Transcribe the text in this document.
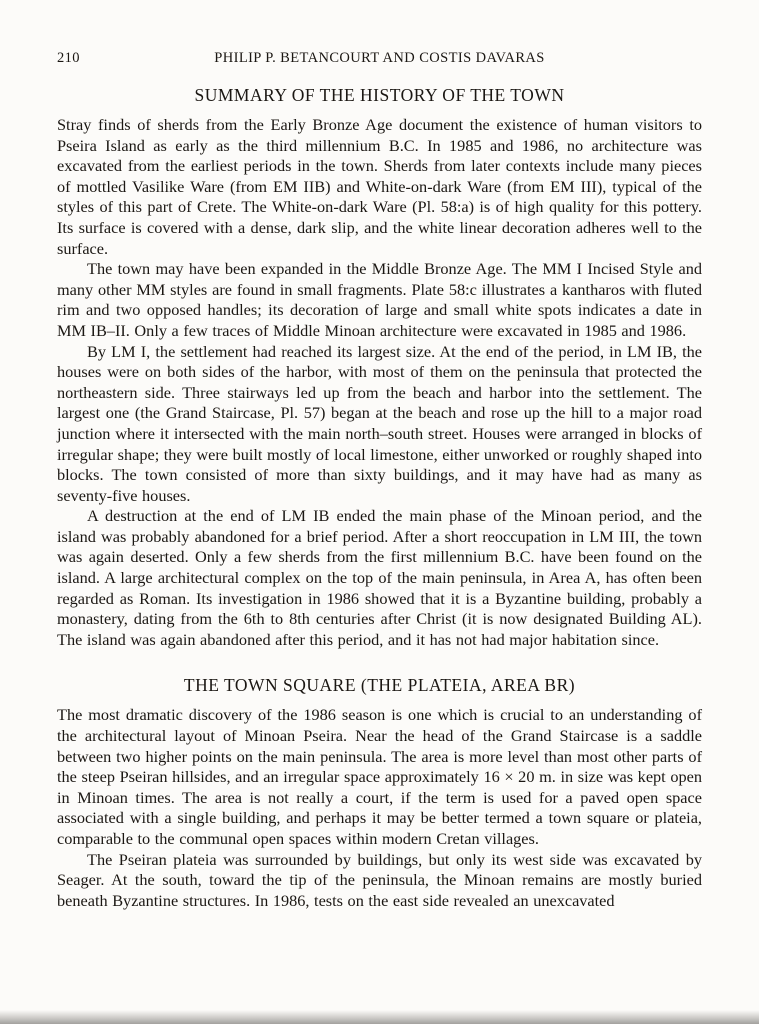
210	PHILIP P. BETANCOURT AND COSTIS DAVARAS
SUMMARY OF THE HISTORY OF THE TOWN

Stray finds of sherds from the Early Bronze Age document the existence of human visitors to Pseira Island as early as the third millennium B.C. In 1985 and 1986, no architecture was excavated from the earliest periods in the town. Sherds from later contexts include many pieces of mottled Vasilike Ware (from EM IIB) and White-on-dark Ware (from EM III), typical of the styles of this part of Crete. The White-on-dark Ware (Pl. 58:a) is of high quality for this pottery. Its surface is covered with a dense, dark slip, and the white linear decoration adheres well to the surface.

The town may have been expanded in the Middle Bronze Age. The MM I Incised Style and many other MM styles are found in small fragments. Plate 58:c illustrates a kantharos with fluted rim and two opposed handles; its decoration of large and small white spots indicates a date in MM IB–II. Only a few traces of Middle Minoan architecture were excavated in 1985 and 1986.

By LM I, the settlement had reached its largest size. At the end of the period, in LM IB, the houses were on both sides of the harbor, with most of them on the peninsula that protected the northeastern side. Three stairways led up from the beach and harbor into the settlement. The largest one (the Grand Staircase, Pl. 57) began at the beach and rose up the hill to a major road junction where it intersected with the main north–south street. Houses were arranged in blocks of irregular shape; they were built mostly of local limestone, either unworked or roughly shaped into blocks. The town consisted of more than sixty buildings, and it may have had as many as seventy-five houses.

A destruction at the end of LM IB ended the main phase of the Minoan period, and the island was probably abandoned for a brief period. After a short reoccupation in LM III, the town was again deserted. Only a few sherds from the first millennium B.C. have been found on the island. A large architectural complex on the top of the main peninsula, in Area A, has often been regarded as Roman. Its investigation in 1986 showed that it is a Byzantine building, probably a monastery, dating from the 6th to 8th centuries after Christ (it is now designated Building AL). The island was again abandoned after this period, and it has not had major habitation since.

THE TOWN SQUARE (THE PLATEIA, AREA BR)

The most dramatic discovery of the 1986 season is one which is crucial to an understanding of the architectural layout of Minoan Pseira. Near the head of the Grand Staircase is a saddle between two higher points on the main peninsula. The area is more level than most other parts of the steep Pseiran hillsides, and an irregular space approximately 16 × 20 m. in size was kept open in Minoan times. The area is not really a court, if the term is used for a paved open space associated with a single building, and perhaps it may be better termed a town square or plateia, comparable to the communal open spaces within modern Cretan villages.

The Pseiran plateia was surrounded by buildings, but only its west side was excavated by Seager. At the south, toward the tip of the peninsula, the Minoan remains are mostly buried beneath Byzantine structures. In 1986, tests on the east side revealed an unexcavated
